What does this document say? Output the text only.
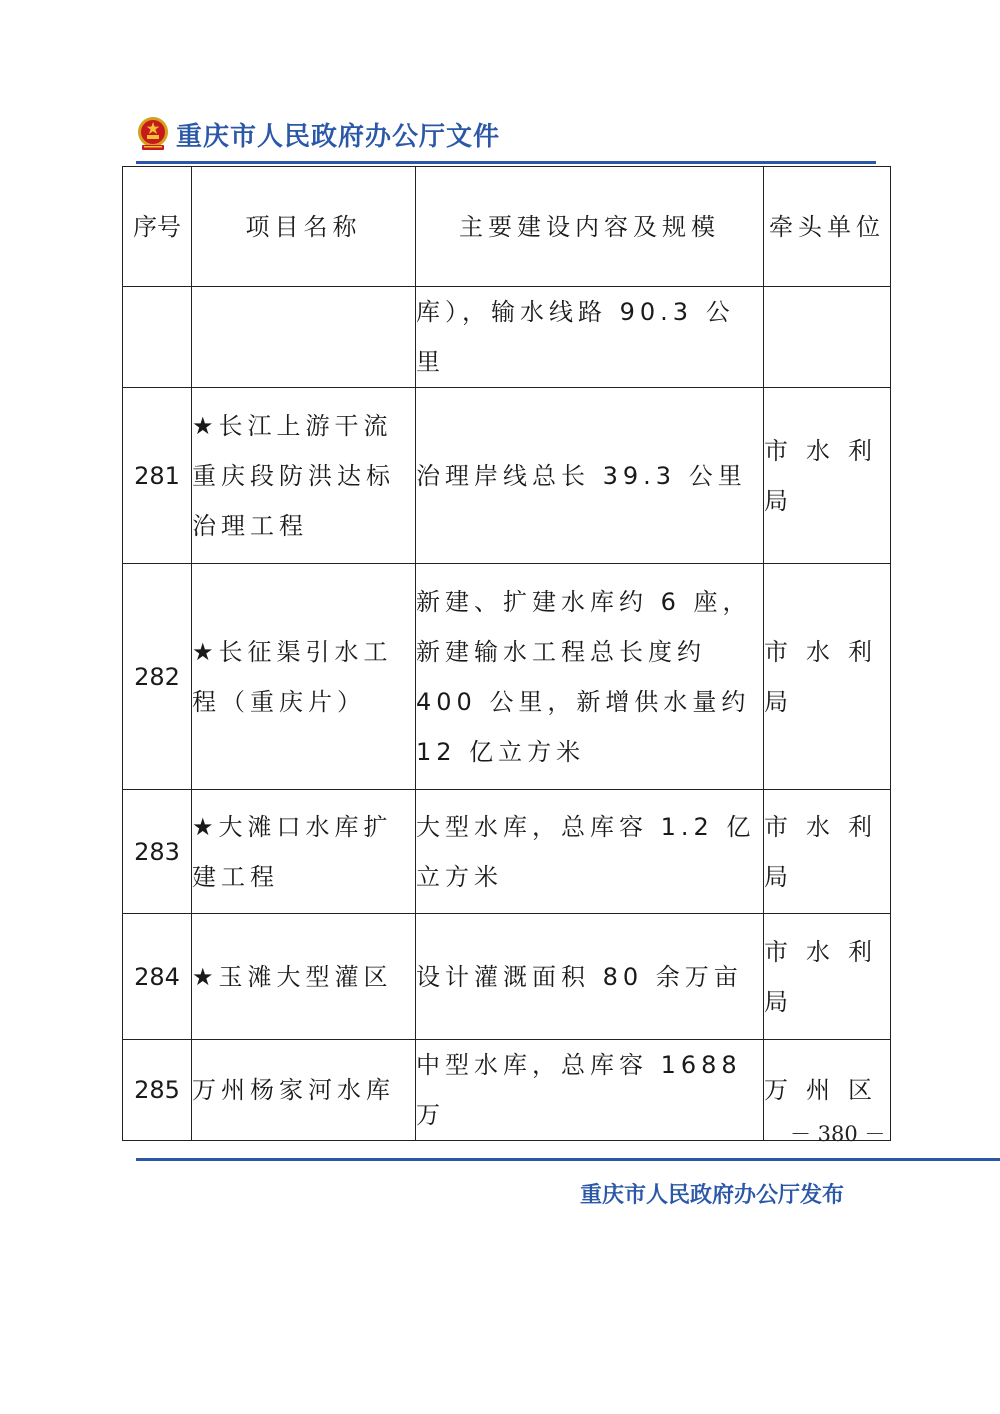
重庆市人民政府办公厅文件
序号	项目名称	主要建设内容及规模	牵头单位
		库），输水线路 90.3 公里	
281	★长江上游干流重庆段防洪达标治理工程	治理岸线总长 39.3 公里	市水利局
282	★长征渠引水工程（重庆片）	新建、扩建水库约 6 座，新建输水工程总长度约 400 公里，新增供水量约 12 亿立方米	市水利局
283	★大滩口水库扩建工程	大型水库，总库容 1.2 亿立方米	市水利局
284	★玉滩大型灌区	设计灌溉面积 80 余万亩	市水利局
285	万州杨家河水库	中型水库，总库容 1688 万	万州区
－ 380 －
重庆市人民政府办公厅发布
